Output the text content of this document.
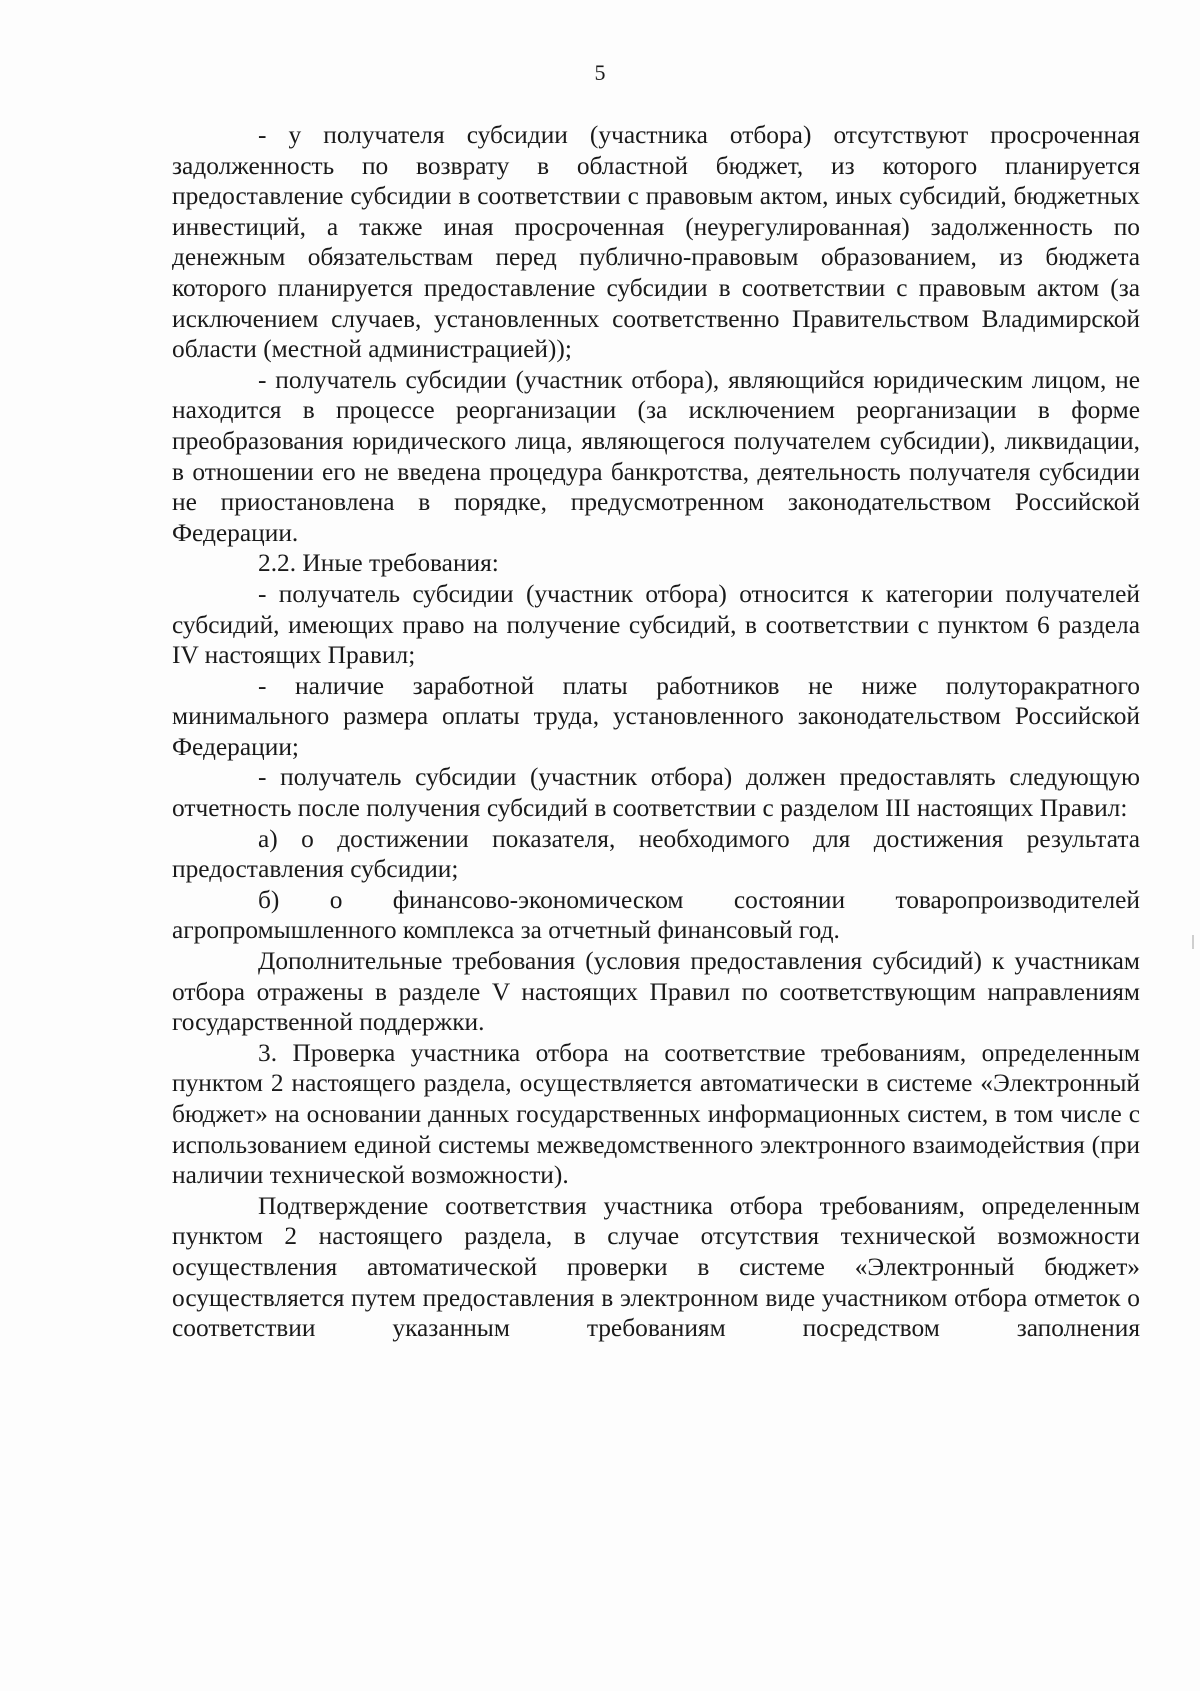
5

- у получателя субсидии (участника отбора) отсутствуют просроченная задолженность по возврату в областной бюджет, из которого планируется предоставление субсидии в соответствии с правовым актом, иных субсидий, бюджетных инвестиций, а также иная просроченная (неурегулированная) задолженность по денежным обязательствам перед публично-правовым образованием, из бюджета которого планируется предоставление субсидии в соответствии с правовым актом (за исключением случаев, установленных соответственно Правительством Владимирской области (местной администрацией));

- получатель субсидии (участник отбора), являющийся юридическим лицом, не находится в процессе реорганизации (за исключением реорганизации в форме преобразования юридического лица, являющегося получателем субсидии), ликвидации, в отношении его не введена процедура банкротства, деятельность получателя субсидии не приостановлена в порядке, предусмотренном законодательством Российской Федерации.

2.2. Иные требования:

- получатель субсидии (участник отбора) относится к категории получателей субсидий, имеющих право на получение субсидий, в соответствии с пунктом 6 раздела IV настоящих Правил;

- наличие заработной платы работников не ниже полуторакратного минимального размера оплаты труда, установленного законодательством Российской Федерации;

- получатель субсидии (участник отбора) должен предоставлять следующую отчетность после получения субсидий в соответствии с разделом III настоящих Правил:

а) о достижении показателя, необходимого для достижения результата предоставления субсидии;

б) о финансово-экономическом состоянии товаропроизводителей агропромышленного комплекса за отчетный финансовый год.

Дополнительные требования (условия предоставления субсидий) к участникам отбора отражены в разделе V настоящих Правил по соответствующим направлениям государственной поддержки.

3. Проверка участника отбора на соответствие требованиям, определенным пунктом 2 настоящего раздела, осуществляется автоматически в системе «Электронный бюджет» на основании данных государственных информационных систем, в том числе с использованием единой системы межведомственного электронного взаимодействия (при наличии технической возможности).

Подтверждение соответствия участника отбора требованиям, определенным пунктом 2 настоящего раздела, в случае отсутствия технической возможности осуществления автоматической проверки в системе «Электронный бюджет» осуществляется путем предоставления в электронном виде участником отбора отметок о соответствии указанным требованиям посредством заполнения
